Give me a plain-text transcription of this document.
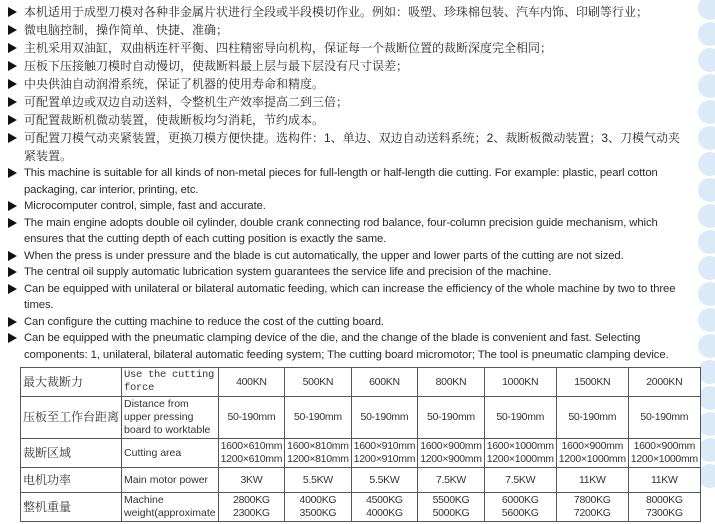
本机适用于成型刀模对各种非金属片状进行全段或半段模切作业。例如：吸塑、珍珠棉包装、汽车内饰、印刷等行业；
微电脑控制，操作简单、快捷、准确；
主机采用双油缸，双曲柄连杆平衡、四柱精密导向机构，保证每一个裁断位置的裁断深度完全相同；
压板下压接触刀模时自动慢切，使裁断料最上层与最下层没有尺寸误差；
中央供油自动润滑系统，保证了机器的使用寿命和精度。
可配置单边或双边自动送料，令整机生产效率提高二到三倍；
可配置裁断机微动装置，使裁断板均匀消耗，节约成本。
可配置刀模气动夹紧装置，更换刀模方便快捷。选构件：1、单边、双边自动送料系统；2、裁断板微动装置；3、刀模气动夹紧装置。
This machine is suitable for all kinds of non-metal pieces for full-length or half-length die cutting. For example: plastic, pearl cotton packaging, car interior, printing, etc.
Microcomputer control, simple, fast and accurate.
The main engine adopts double oil cylinder, double crank connecting rod balance, four-column precision guide mechanism, which ensures that the cutting depth of each cutting position is exactly the same.
When the press is under pressure and the blade is cut automatically, the upper and lower parts of the cutting are not sized.
The central oil supply automatic lubrication system guarantees the service life and precision of the machine.
Can be equipped with unilateral or bilateral automatic feeding, which can increase the efficiency of the whole machine by two to three times.
Can configure the cutting machine to reduce the cost of the cutting board.
Can be equipped with the pneumatic clamping device of the die, and the change of the blade is convenient and fast. Selecting components: 1, unilateral, bilateral automatic feeding system; The cutting board micromotor; The tool is pneumatic clamping device.
最大裁断力	Use the cutting force	400KN	500KN	600KN	800KN	1000KN	1500KN	2000KN
压板至工作台距离	Distance from upper pressing board to worktable	50-190mm	50-190mm	50-190mm	50-190mm	50-190mm	50-190mm	50-190mm
裁断区域	Cutting area	1600×610mm 1200×610mm	1600×810mm 1200×810mm	1600×910mm 1200×910mm	1600×900mm 1200×900mm	1600×1000mm 1200×1000mm	1600×900mm 1200×1000mm	1600×900mm 1200×1000mm
电机功率	Main motor power	3KW	5.5KW	5.5KW	7.5KW	7.5KW	11KW	11KW
整机重量	Machine weight(approximate	2800KG 2300KG	4000KG 3500KG	4500KG 4000KG	5500KG 5000KG	6000KG 5600KG	7800KG 7200KG	8000KG 7300KG
